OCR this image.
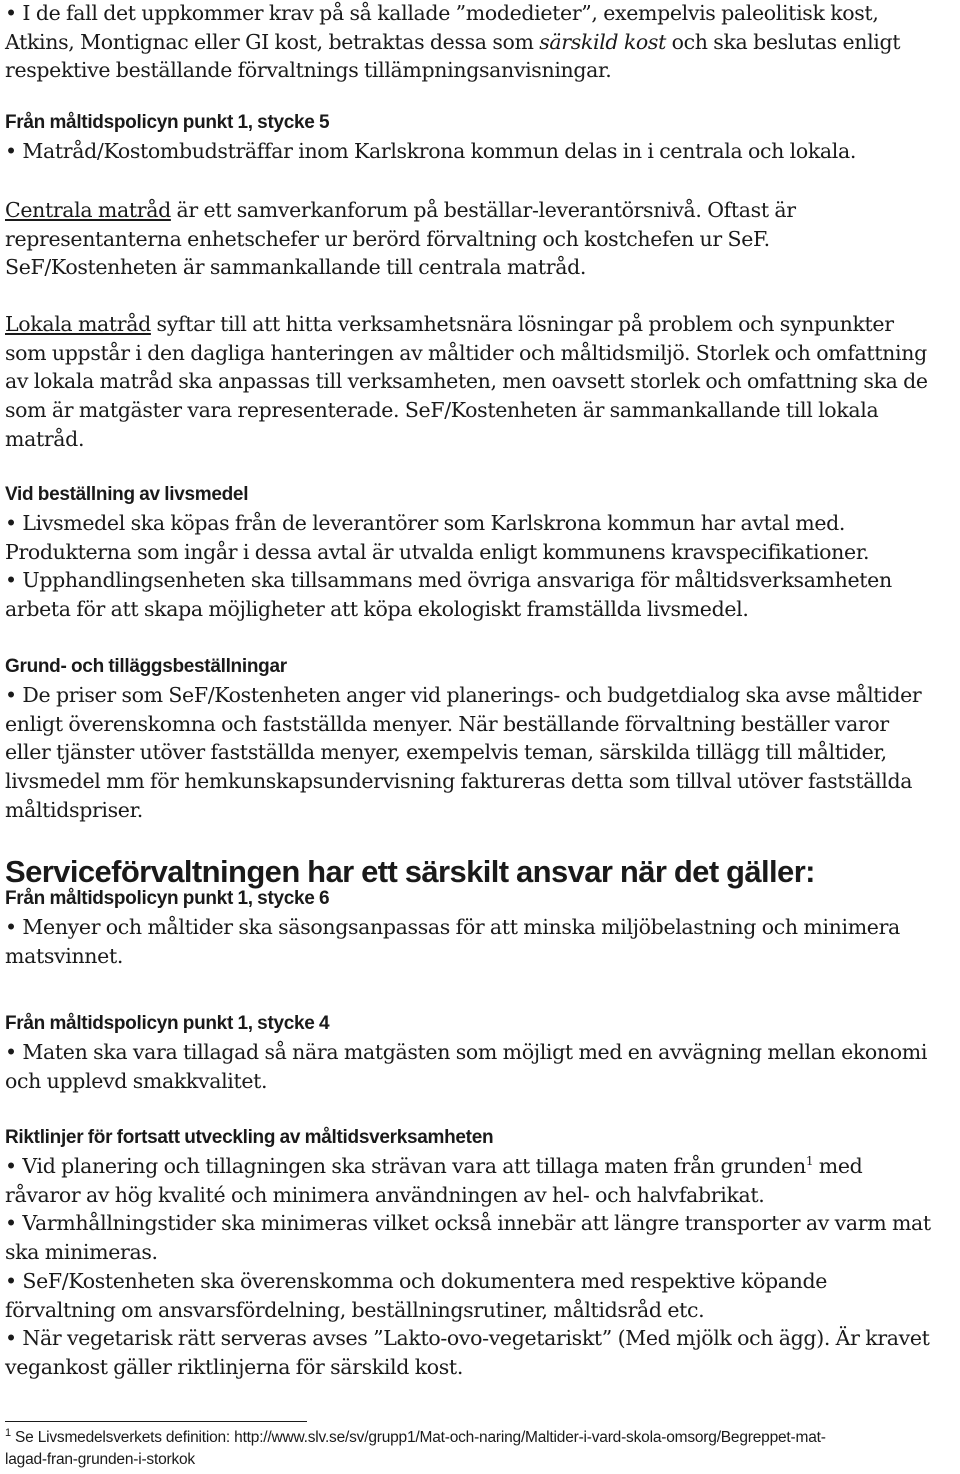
• I de fall det uppkommer krav på så kallade ”modedieter”, exempelvis paleolitisk kost,

Atkins, Montignac eller GI kost, betraktas dessa som särskild kost och ska beslutas enligt

respektive beställande förvaltnings tillämpningsanvisningar.

Från måltidspolicyn punkt 1, stycke 5

• Matråd/Kostombudsträffar inom Karlskrona kommun delas in i centrala och lokala.

Centrala matråd är ett samverkanforum på beställar-leverantörsnivå. Oftast är

representanterna enhetschefer ur berörd förvaltning och kostchefen ur SeF.

SeF/Kostenheten är sammankallande till centrala matråd.

Lokala matråd syftar till att hitta verksamhetsnära lösningar på problem och synpunkter

som uppstår i den dagliga hanteringen av måltider och måltidsmiljö. Storlek och omfattning

av lokala matråd ska anpassas till verksamheten, men oavsett storlek och omfattning ska de

som är matgäster vara representerade. SeF/Kostenheten är sammankallande till lokala

matråd.

Vid beställning av livsmedel

• Livsmedel ska köpas från de leverantörer som Karlskrona kommun har avtal med.

Produkterna som ingår i dessa avtal är utvalda enligt kommunens kravspecifikationer.

• Upphandlingsenheten ska tillsammans med övriga ansvariga för måltidsverksamheten

arbeta för att skapa möjligheter att köpa ekologiskt framställda livsmedel.

Grund- och tilläggsbeställningar

• De priser som SeF/Kostenheten anger vid planerings- och budgetdialog ska avse måltider

enligt överenskomna och fastställda menyer. När beställande förvaltning beställer varor

eller tjänster utöver fastställda menyer, exempelvis teman, särskilda tillägg till måltider,

livsmedel mm för hemkunskapsundervisning faktureras detta som tillval utöver fastställda

måltidspriser.

Serviceförvaltningen har ett särskilt ansvar när det gäller:

Från måltidspolicyn punkt 1, stycke 6

• Menyer och måltider ska säsongsanpassas för att minska miljöbelastning och minimera

matsvinnet.

Från måltidspolicyn punkt 1, stycke 4

• Maten ska vara tillagad så nära matgästen som möjligt med en avvägning mellan ekonomi

och upplevd smakkvalitet.

Riktlinjer för fortsatt utveckling av måltidsverksamheten

• Vid planering och tillagningen ska strävan vara att tillaga maten från grunden$^1$ med

råvaror av hög kvalité och minimera användningen av hel- och halvfabrikat.

• Varmhållningstider ska minimeras vilket också innebär att längre transporter av varm mat

ska minimeras.

• SeF/Kostenheten ska överenskomma och dokumentera med respektive köpande

förvaltning om ansvarsfördelning, beställningsrutiner, måltidsråd etc.

• När vegetarisk rätt serveras avses ”Lakto-ovo-vegetariskt” (Med mjölk och ägg). Är kravet

vegankost gäller riktlinjerna för särskild kost.

$^1$ Se Livsmedelsverkets definition: http://www.slv.se/sv/grupp1/Mat-och-naring/Maltider-i-vard-skola-omsorg/Begreppet-mat-

lagad-fran-grunden-i-storkok
